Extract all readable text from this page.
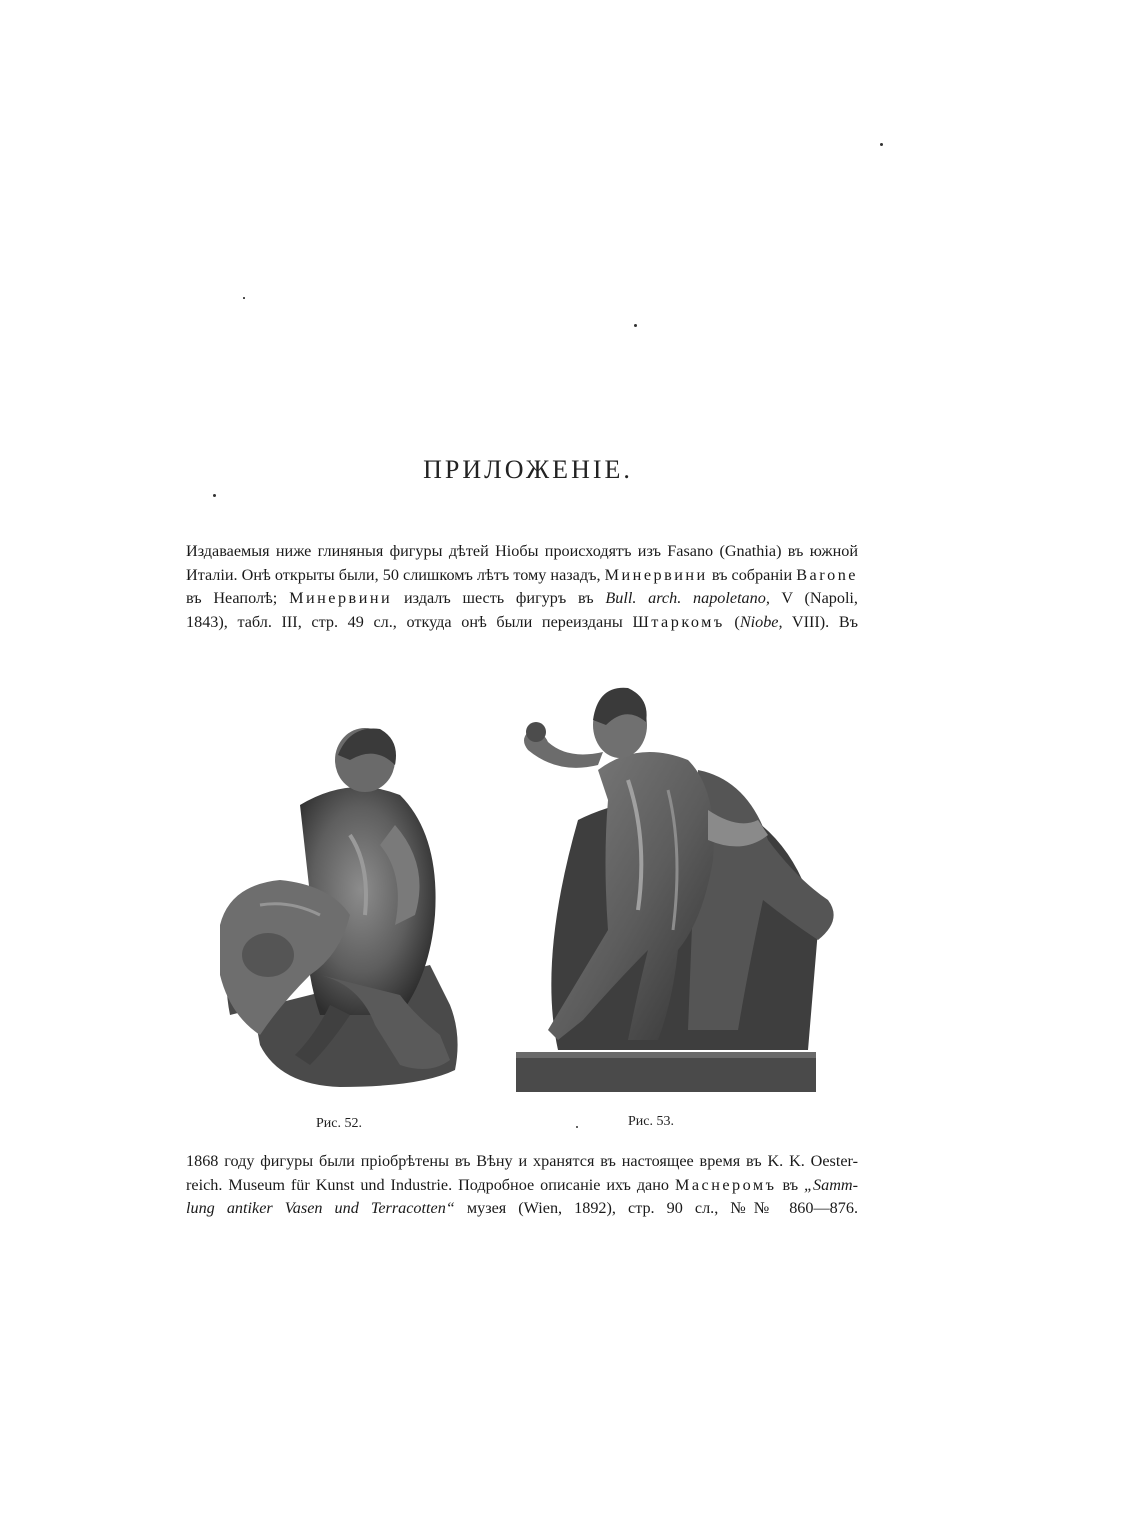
ПРИЛОЖЕНІЕ.
Издаваемыя ниже глиняныя фигуры дѣтей Ніобы происходятъ изъ Fasano (Gnathia) въ южной
Италіи. Онѣ открыты были, 50 слишкомъ лѣтъ тому назадъ, Минервини въ собраніи Barone
въ Неаполѣ; Минервини издалъ шесть фигуръ въ Bull. arch. napoletano, V (Napoli,
1843), табл. III, стр. 49 сл., откуда онѣ были переизданы Штаркомъ (Niobe, VIII). Въ
Рис. 52.	Рис. 53.
1868 году фигуры были пріобрѣтены въ Вѣну и хранятся въ настоящее время въ K. K. Oester-
reich. Museum für Kunst und Industrie. Подробное описаніе ихъ дано Маснеромъ въ „Samm-
lung antiker Vasen und Terracotten“ музея (Wien, 1892), стр. 90 сл., №№ 860—876.
